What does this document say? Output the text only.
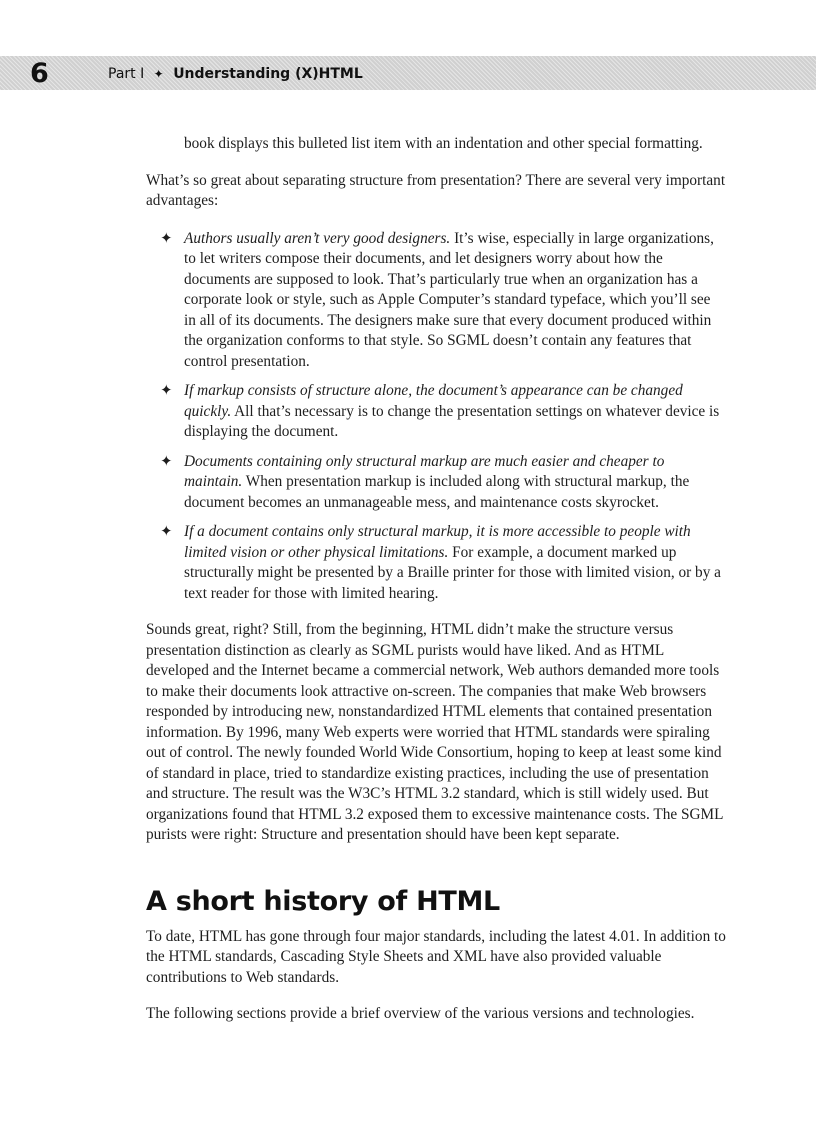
6	Part I ✦ Understanding (X)HTML

book displays this bulleted list item with an indentation and other special formatting.

What’s so great about separating structure from presentation? There are several very important advantages:

✦ Authors usually aren’t very good designers. It’s wise, especially in large organizations, to let writers compose their documents, and let designers worry about how the documents are supposed to look. That’s particularly true when an organization has a corporate look or style, such as Apple Computer’s standard typeface, which you’ll see in all of its documents. The designers make sure that every document produced within the organization conforms to that style. So SGML doesn’t contain any features that control presentation.
✦ If markup consists of structure alone, the document’s appearance can be changed quickly. All that’s necessary is to change the presentation settings on whatever device is displaying the document.
✦ Documents containing only structural markup are much easier and cheaper to maintain. When presentation markup is included along with structural markup, the document becomes an unmanageable mess, and maintenance costs skyrocket.
✦ If a document contains only structural markup, it is more accessible to people with limited vision or other physical limitations. For example, a document marked up structurally might be presented by a Braille printer for those with limited vision, or by a text reader for those with limited hearing.

Sounds great, right? Still, from the beginning, HTML didn’t make the structure versus presentation distinction as clearly as SGML purists would have liked. And as HTML developed and the Internet became a commercial network, Web authors demanded more tools to make their documents look attractive on-screen. The companies that make Web browsers responded by introducing new, nonstandardized HTML elements that contained presentation information. By 1996, many Web experts were worried that HTML standards were spiraling out of control. The newly founded World Wide Consortium, hoping to keep at least some kind of standard in place, tried to standardize existing practices, including the use of presentation and structure. The result was the W3C’s HTML 3.2 standard, which is still widely used. But organizations found that HTML 3.2 exposed them to excessive maintenance costs. The SGML purists were right: Structure and presentation should have been kept separate.

A short history of HTML

To date, HTML has gone through four major standards, including the latest 4.01. In addition to the HTML standards, Cascading Style Sheets and XML have also provided valuable contributions to Web standards.

The following sections provide a brief overview of the various versions and technologies.
